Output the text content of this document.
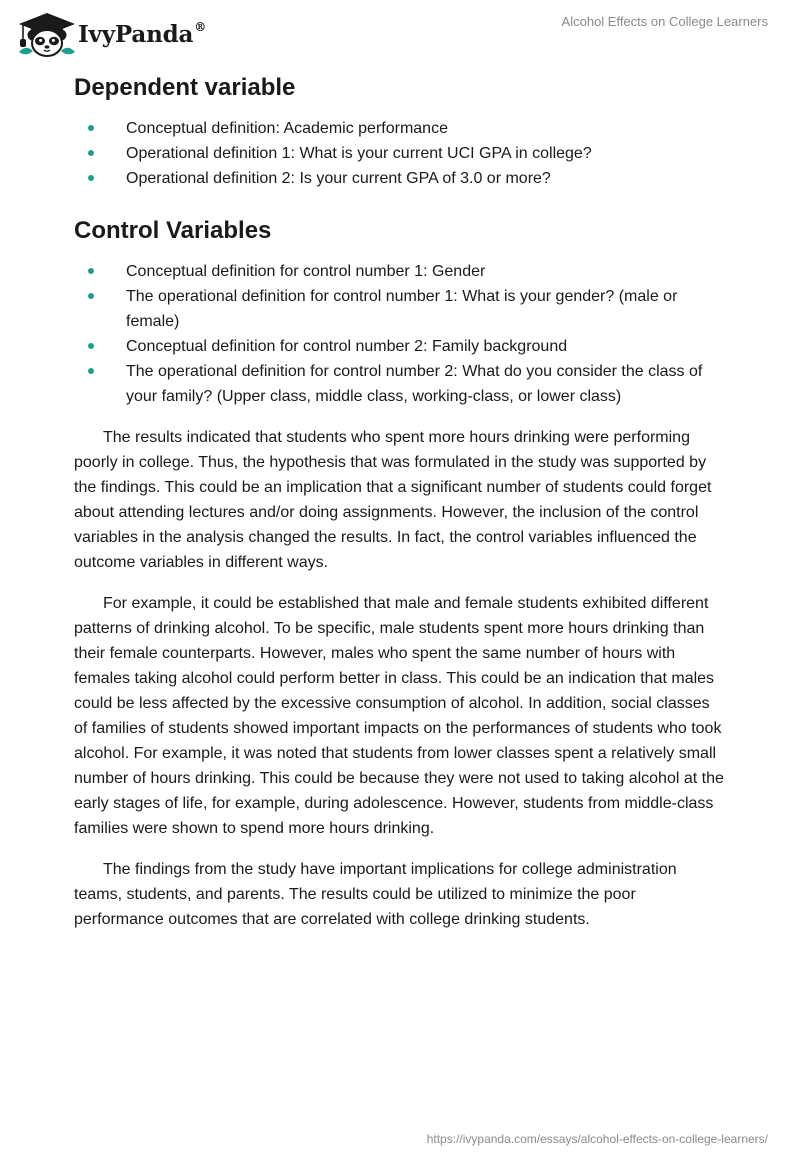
IvyPanda®	Alcohol Effects on College Learners
Dependent variable
Conceptual definition: Academic performance
Operational definition 1: What is your current UCI GPA in college?
Operational definition 2: Is your current GPA of 3.0 or more?
Control Variables
Conceptual definition for control number 1: Gender
The operational definition for control number 1: What is your gender? (male or female)
Conceptual definition for control number 2: Family background
The operational definition for control number 2: What do you consider the class of your family? (Upper class, middle class, working-class, or lower class)

The results indicated that students who spent more hours drinking were performing poorly in college. Thus, the hypothesis that was formulated in the study was supported by the findings. This could be an implication that a significant number of students could forget about attending lectures and/or doing assignments. However, the inclusion of the control variables in the analysis changed the results. In fact, the control variables influenced the outcome variables in different ways.

For example, it could be established that male and female students exhibited different patterns of drinking alcohol. To be specific, male students spent more hours drinking than their female counterparts. However, males who spent the same number of hours with females taking alcohol could perform better in class. This could be an indication that males could be less affected by the excessive consumption of alcohol. In addition, social classes of families of students showed important impacts on the performances of students who took alcohol. For example, it was noted that students from lower classes spent a relatively small number of hours drinking. This could be because they were not used to taking alcohol at the early stages of life, for example, during adolescence. However, students from middle-class families were shown to spend more hours drinking.

The findings from the study have important implications for college administration teams, students, and parents. The results could be utilized to minimize the poor performance outcomes that are correlated with college drinking students.

https://ivypanda.com/essays/alcohol-effects-on-college-learners/
